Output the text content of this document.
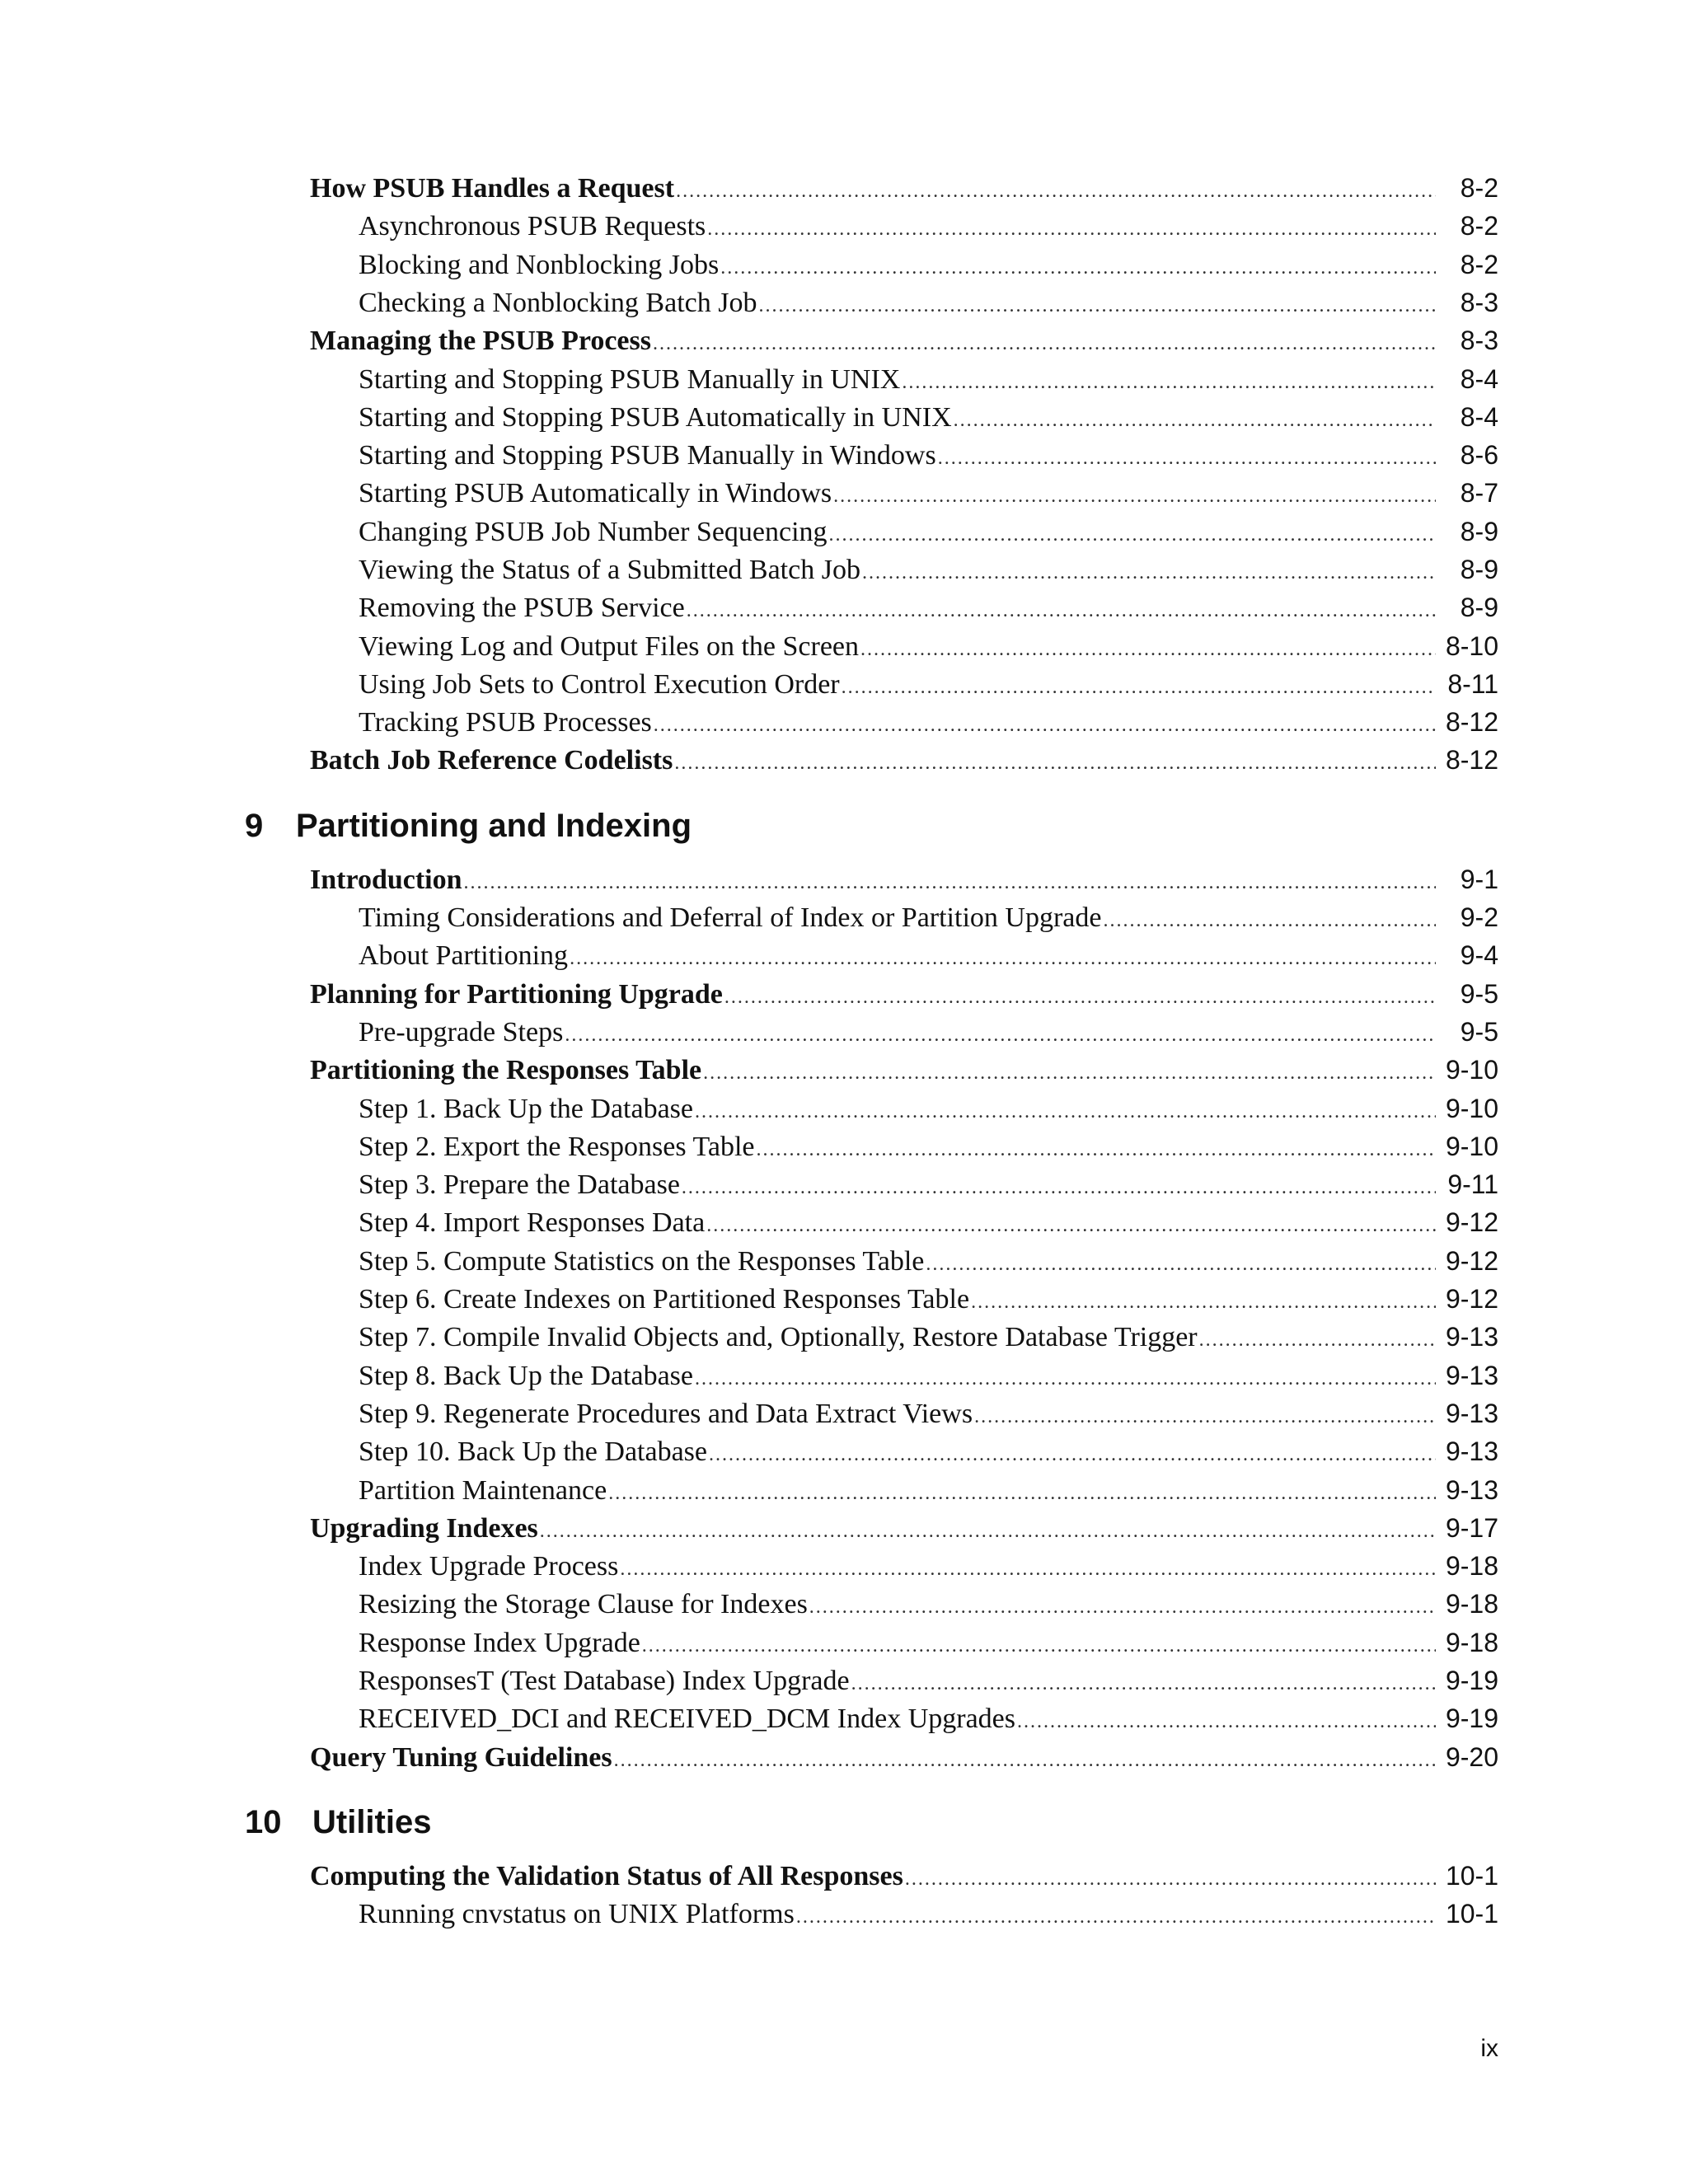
How PSUB Handles a Request .....	8-2
Asynchronous PSUB Requests .....	8-2
Blocking and Nonblocking Jobs .....	8-2
Checking a Nonblocking Batch Job .....	8-3
Managing the PSUB Process .....	8-3
Starting and Stopping PSUB Manually in UNIX .....	8-4
Starting and Stopping PSUB Automatically in UNIX .....	8-4
Starting and Stopping PSUB Manually in Windows .....	8-6
Starting PSUB Automatically in Windows .....	8-7
Changing PSUB Job Number Sequencing .....	8-9
Viewing the Status of a Submitted Batch Job .....	8-9
Removing the PSUB Service .....	8-9
Viewing Log and Output Files on the Screen .....	8-10
Using Job Sets to Control Execution Order .....	8-11
Tracking PSUB Processes .....	8-12
Batch Job Reference Codelists .....	8-12
9 Partitioning and Indexing
Introduction .....	9-1
Timing Considerations and Deferral of Index or Partition Upgrade .....	9-2
About Partitioning .....	9-4
Planning for Partitioning Upgrade .....	9-5
Pre-upgrade Steps .....	9-5
Partitioning the Responses Table .....	9-10
Step 1. Back Up the Database .....	9-10
Step 2. Export the Responses Table .....	9-10
Step 3. Prepare the Database .....	9-11
Step 4. Import Responses Data .....	9-12
Step 5. Compute Statistics on the Responses Table .....	9-12
Step 6. Create Indexes on Partitioned Responses Table .....	9-12
Step 7. Compile Invalid Objects and, Optionally, Restore Database Trigger .....	9-13
Step 8. Back Up the Database .....	9-13
Step 9. Regenerate Procedures and Data Extract Views .....	9-13
Step 10. Back Up the Database .....	9-13
Partition Maintenance .....	9-13
Upgrading Indexes .....	9-17
Index Upgrade Process .....	9-18
Resizing the Storage Clause for Indexes .....	9-18
Response Index Upgrade .....	9-18
ResponsesT (Test Database) Index Upgrade .....	9-19
RECEIVED_DCI and RECEIVED_DCM Index Upgrades .....	9-19
Query Tuning Guidelines .....	9-20
10 Utilities
Computing the Validation Status of All Responses .....	10-1
Running cnvstatus on UNIX Platforms .....	10-1
ix
